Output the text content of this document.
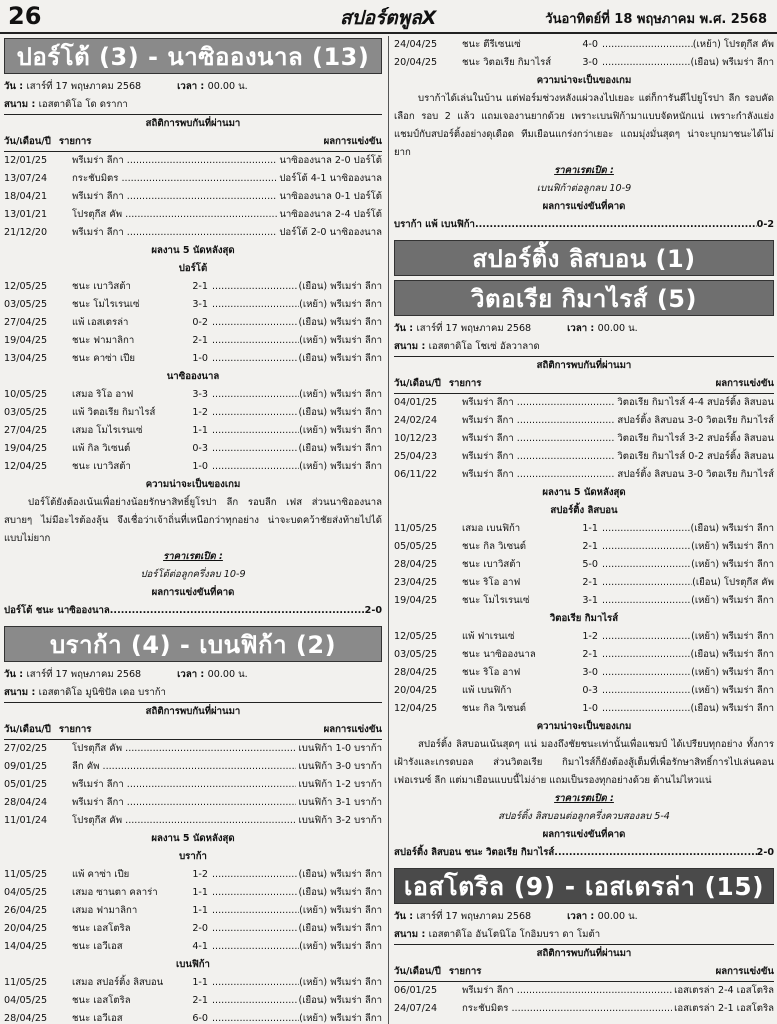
26	สปอร์ตพูลX	วันอาทิตย์ที่ 18 พฤษภาคม พ.ศ. 2568
ปอร์โต้ (3) - นาซิอองนาล (13)
วัน : เสาร์ที่ 17 พฤษภาคม 2568	เวลา : 00.00 น.
สนาม : เอสตาดิโอ โด ดรากา
สถิติการพบกันที่ผ่านมา
วัน/เดือน/ปี รายการ	ผลการแข่งขัน
12/01/25	พรีเมร่า ลีกา .....	นาซิอองนาล 2-0 ปอร์โต้
13/07/24	กระชับมิตร .....	ปอร์โต้ 4-1 นาซิอองนาล
18/04/21	พรีเมร่า ลีกา .....	นาซิอองนาล 0-1 ปอร์โต้
13/01/21	โปรตุกีส คัพ .....	นาซิอองนาล 2-4 ปอร์โต้
21/12/20	พรีเมร่า ลีกา .....	ปอร์โต้ 2-0 นาซิอองนาล
ผลงาน 5 นัดหลังสุด
ปอร์โต้
12/05/25	ชนะ เบาวิสต้า	2-1 .....	(เยือน) พรีเมร่า ลีกา
03/05/25	ชนะ โมไรเรนเซ่	3-1 .....	(เหย้า) พรีเมร่า ลีกา
27/04/25	แพ้ เอสเตรล่า	0-2 .....	(เยือน) พรีเมร่า ลีกา
19/04/25	ชนะ ฟามาลิกา	2-1 .....	(เหย้า) พรีเมร่า ลีกา
13/04/25	ชนะ คาซ่า เปีย	1-0 .....	(เยือน) พรีเมร่า ลีกา
นาซิอองนาล
10/05/25	เสมอ ริโอ อาฟ	3-3 .....	(เหย้า) พรีเมร่า ลีกา
03/05/25	แพ้ วิตอเรีย กิมาไรส์	1-2 .....	(เยือน) พรีเมร่า ลีกา
27/04/25	เสมอ โมไรเรนเซ่	1-1 .....	(เหย้า) พรีเมร่า ลีกา
19/04/25	แพ้ กิล วิเซนต์	0-3 .....	(เยือน) พรีเมร่า ลีกา
12/04/25	ชนะ เบาวิสต้า	1-0 .....	(เหย้า) พรีเมร่า ลีกา
ความน่าจะเป็นของเกม
ปอร์โต้ยังต้องเน้นเพื่อย่างน้อยรักษาสิทธิ์ยูโรปา ลีก รอบลีก เฟส ส่วนนาซิอองนาลสบายๆ ไม่มีอะไรต้องลุ้น จึงเชื่อว่าเจ้าถิ่นที่เหนือกว่าทุกอย่าง น่าจะบดคว้าชัยส่งท้ายไปได้แบบไม่ยาก
ราคาเรตเปิด :
ปอร์โต้ต่อลูกครึ่งลบ 10-9
ผลการแข่งขันที่คาด
ปอร์โต้ ชนะ นาซิอองนาล .....	2-0
บราก้า (4) - เบนฟิก้า (2)
วัน : เสาร์ที่ 17 พฤษภาคม 2568	เวลา : 00.00 น.
สนาม : เอสตาดิโอ มูนิซิปัล เดอ บราก้า
สถิติการพบกันที่ผ่านมา
วัน/เดือน/ปี รายการ	ผลการแข่งขัน
27/02/25	โปรตุกีส คัพ .....	เบนฟิก้า 1-0 บราก้า
09/01/25	ลีก คัพ .....	เบนฟิก้า 3-0 บราก้า
05/01/25	พรีเมร่า ลีกา .....	เบนฟิก้า 1-2 บราก้า
28/04/24	พรีเมร่า ลีกา .....	เบนฟิก้า 3-1 บราก้า
11/01/24	โปรตุกีส คัพ .....	เบนฟิก้า 3-2 บราก้า
ผลงาน 5 นัดหลังสุด
บราก้า
11/05/25	แพ้ คาซ่า เปีย	1-2 .....	(เยือน) พรีเมร่า ลีกา
04/05/25	เสมอ ซานตา คลาร่า	1-1 .....	(เยือน) พรีเมร่า ลีกา
26/04/25	เสมอ ฟามาลิกา	1-1 .....	(เหย้า) พรีเมร่า ลีกา
20/04/25	ชนะ เอสโตริล	2-0 .....	(เยือน) พรีเมร่า ลีกา
14/04/25	ชนะ เอวีเอส	4-1 .....	(เหย้า) พรีเมร่า ลีกา
เบนฟิก้า
11/05/25	เสมอ สปอร์ติ้ง ลิสบอน	1-1 .....	(เหย้า) พรีเมร่า ลีกา
04/05/25	ชนะ เอสโตริล	2-1 .....	(เยือน) พรีเมร่า ลีกา
28/04/25	ชนะ เอวีเอส	6-0 .....	(เหย้า) พรีเมร่า ลีกา
24/04/25	ชนะ ตีรีเซนเซ่	4-0 .....	(เหย้า) โปรตุกีส คัพ
20/04/25	ชนะ วิตอเรีย กิมาไรส์	3-0 .....	(เยือน) พรีเมร่า ลีกา
ความน่าจะเป็นของเกม
บราก้าได้เล่นในบ้าน แต่ฟอร์มช่วงหลังแผ่วลงไปเยอะ แต่ก็การันตีไปยูโรปา ลีก รอบคัดเลือก รอบ 2 แล้ว แถมเจองานยากด้วย เพราะเบนฟิก้ามาแบบจัดหนักแน่ เพราะกำลังแย่งแชมป์กับสปอร์ติ้งอย่างดุเดือด ทีมเยือนแกร่งกว่าเยอะ แถมมุ่งมั่นสุดๆ น่าจะบุกมาชนะได้ไม่ยาก
ราคาเรตเปิด :
เบนฟิก้าต่อลูกลบ 10-9
ผลการแข่งขันที่คาด
บราก้า แพ้ เบนฟิก้า .....	0-2
สปอร์ติ้ง ลิสบอน (1)
วิตอเรีย กิมาไรส์ (5)
วัน : เสาร์ที่ 17 พฤษภาคม 2568	เวลา : 00.00 น.
สนาม : เอสตาดิโอ โชเซ่ อัลวาลาด
สถิติการพบกันที่ผ่านมา
วัน/เดือน/ปี รายการ	ผลการแข่งขัน
04/01/25	พรีเมร่า ลีกา .....	วิตอเรีย กิมาไรส์ 4-4 สปอร์ติ้ง ลิสบอน
24/02/24	พรีเมร่า ลีกา .....	สปอร์ติ้ง ลิสบอน 3-0 วิตอเรีย กิมาไรส์
10/12/23	พรีเมร่า ลีกา .....	วิตอเรีย กิมาไรส์ 3-2 สปอร์ติ้ง ลิสบอน
25/04/23	พรีเมร่า ลีกา .....	วิตอเรีย กิมาไรส์ 0-2 สปอร์ติ้ง ลิสบอน
06/11/22	พรีเมร่า ลีกา .....	สปอร์ติ้ง ลิสบอน 3-0 วิตอเรีย กิมาไรส์
ผลงาน 5 นัดหลังสุด
สปอร์ติ้ง ลิสบอน
11/05/25	เสมอ เบนฟิก้า	1-1 .....	(เยือน) พรีเมร่า ลีกา
05/05/25	ชนะ กิล วิเซนต์	2-1 .....	(เหย้า) พรีเมร่า ลีกา
28/04/25	ชนะ เบาวิสต้า	5-0 .....	(เหย้า) พรีเมร่า ลีกา
23/04/25	ชนะ ริโอ อาฟ	2-1 .....	(เยือน) โปรตุกีส คัพ
19/04/25	ชนะ โมไรเรนเซ่	3-1 .....	(เหย้า) พรีเมร่า ลีกา
วิตอเรีย กิมาไรส์
12/05/25	แพ้ ฟาเรนเซ่	1-2 .....	(เหย้า) พรีเมร่า ลีกา
03/05/25	ชนะ นาซิอองนาล	2-1 .....	(เยือน) พรีเมร่า ลีกา
28/04/25	ชนะ ริโอ อาฟ	3-0 .....	(เหย้า) พรีเมร่า ลีกา
20/04/25	แพ้ เบนฟิก้า	0-3 .....	(เหย้า) พรีเมร่า ลีกา
12/04/25	ชนะ กิล วิเซนต์	1-0 .....	(เยือน) พรีเมร่า ลีกา
ความน่าจะเป็นของเกม
สปอร์ติ้ง ลิสบอนเน้นสุดๆ แน่ มองถึงชัยชนะเท่านั้นเพื่อแชมป์ ได้เปรียบทุกอย่าง ทั้งการเฝ้ารังและเกรดบอล ส่วนวิตอเรีย กิมาไรส์ก็ยังต้องสู้เต็มที่เพื่อรักษาสิทธิ์การไปเล่นคอนเฟอเรนซ์ ลีก แต่มาเยือนแบบนี้ไม่ง่าย แถมเป็นรองทุกอย่างด้วย ต้านไม่ไหวแน่
ราคาเรตเปิด :
สปอร์ติ้ง ลิสบอนต่อลูกครึ่งควบสองลบ 5-4
ผลการแข่งขันที่คาด
สปอร์ติ้ง ลิสบอน ชนะ วิตอเรีย กิมาไรส์ .....	2-0
เอสโตริล (9) - เอสเตรล่า (15)
วัน : เสาร์ที่ 17 พฤษภาคม 2568	เวลา : 00.00 น.
สนาม : เอสตาดิโอ อันโตนิโอ โกอิมบรา ดา โมต้า
สถิติการพบกันที่ผ่านมา
วัน/เดือน/ปี รายการ	ผลการแข่งขัน
06/01/25	พรีเมร่า ลีกา .....	เอสเตรล่า 2-4 เอสโตริล
24/07/24	กระชับมิตร .....	เอสเตรล่า 2-1 เอสโตริล
